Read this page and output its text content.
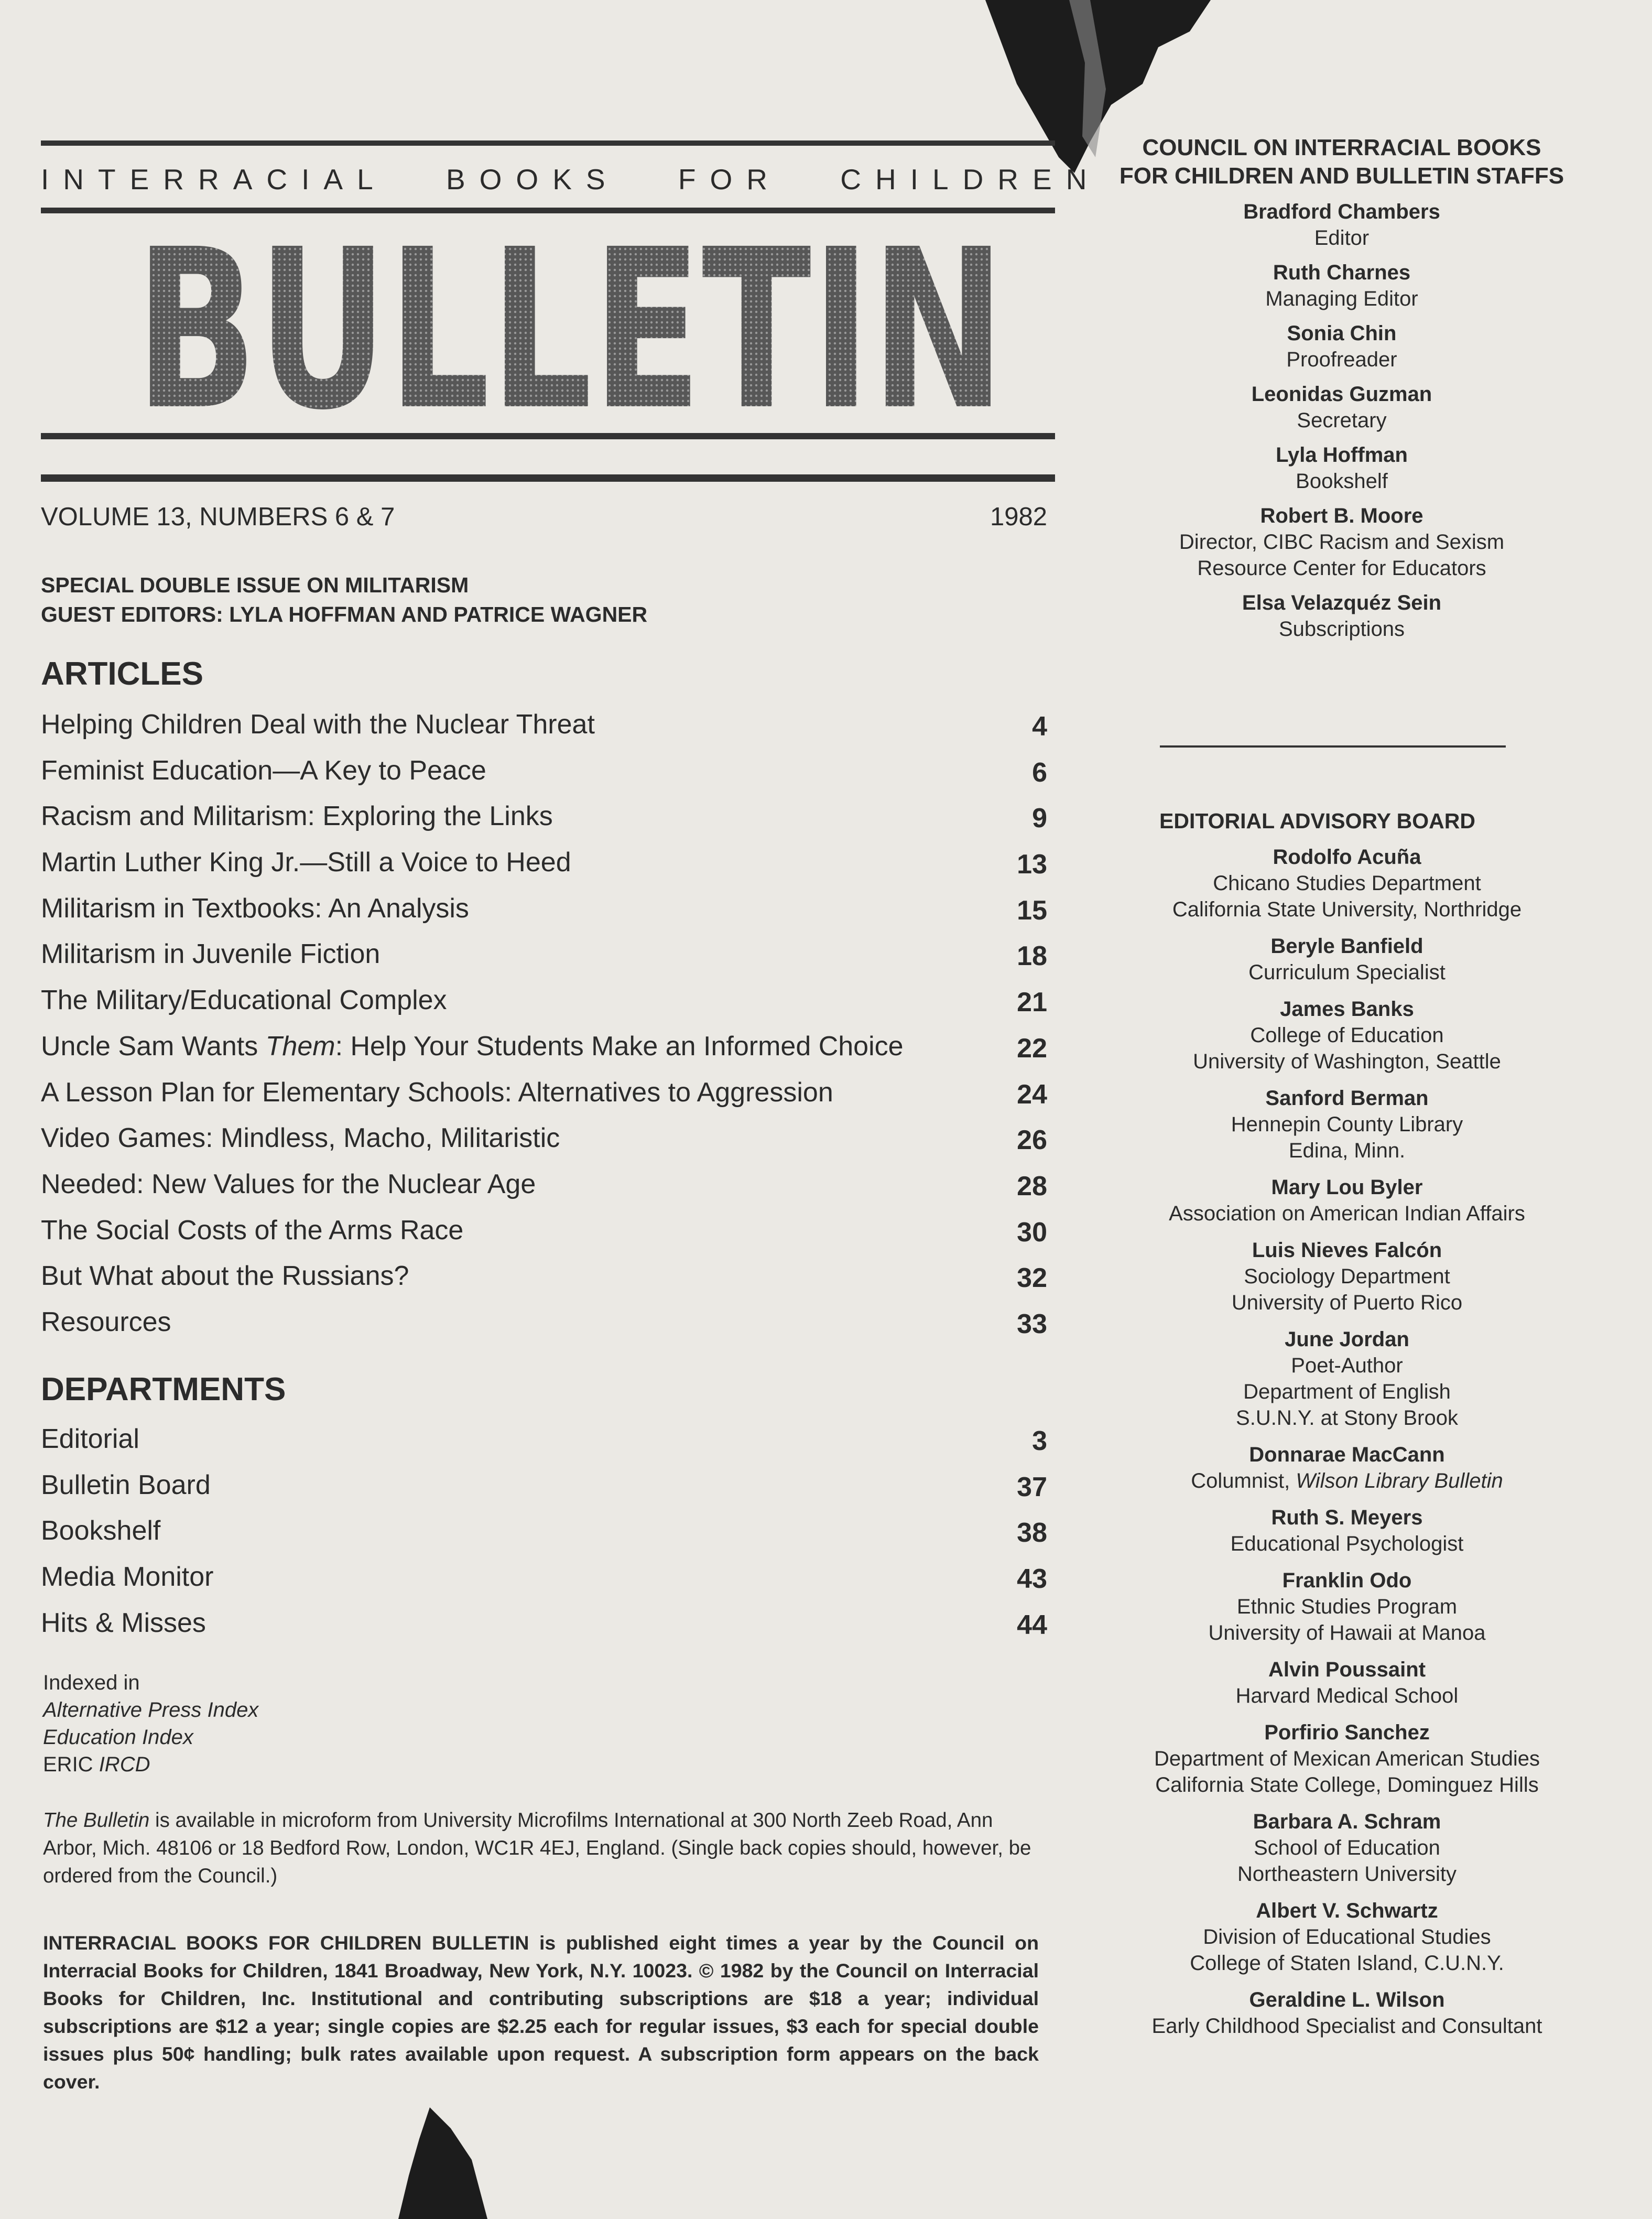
INTERRACIAL BOOKS FOR CHILDREN
BULLETIN
VOLUME 13, NUMBERS 6 & 7	1982
SPECIAL DOUBLE ISSUE ON MILITARISM
GUEST EDITORS: LYLA HOFFMAN AND PATRICE WAGNER
ARTICLES
Helping Children Deal with the Nuclear Threat	4
Feminist Education—A Key to Peace	6
Racism and Militarism: Exploring the Links	9
Martin Luther King Jr.—Still a Voice to Heed	13
Militarism in Textbooks: An Analysis	15
Militarism in Juvenile Fiction	18
The Military/Educational Complex	21
Uncle Sam Wants Them: Help Your Students Make an Informed Choice	22
A Lesson Plan for Elementary Schools: Alternatives to Aggression	24
Video Games: Mindless, Macho, Militaristic	26
Needed: New Values for the Nuclear Age	28
The Social Costs of the Arms Race	30
But What about the Russians?	32
Resources	33
DEPARTMENTS
Editorial	3
Bulletin Board	37
Bookshelf	38
Media Monitor	43
Hits & Misses	44
Indexed in
Alternative Press Index
Education Index
ERIC IRCD
The Bulletin is available in microform from University Microfilms International at 300 North Zeeb Road, Ann Arbor, Mich. 48106 or 18 Bedford Row, London, WC1R 4EJ, England. (Single back copies should, however, be ordered from the Council.)
INTERRACIAL BOOKS FOR CHILDREN BULLETIN is published eight times a year by the Council on Interracial Books for Children, 1841 Broadway, New York, N.Y. 10023. © 1982 by the Council on Interracial Books for Children, Inc. Institutional and contributing subscriptions are $18 a year; individual subscriptions are $12 a year; single copies are $2.25 each for regular issues, $3 each for special double issues plus 50¢ handling; bulk rates available upon request. A subscription form appears on the back cover.
COUNCIL ON INTERRACIAL BOOKS
FOR CHILDREN AND BULLETIN STAFFS
Bradford Chambers
Editor
Ruth Charnes
Managing Editor
Sonia Chin
Proofreader
Leonidas Guzman
Secretary
Lyla Hoffman
Bookshelf
Robert B. Moore
Director, CIBC Racism and Sexism
Resource Center for Educators
Elsa Velazquéz Sein
Subscriptions
EDITORIAL ADVISORY BOARD
Rodolfo Acuña
Chicano Studies Department
California State University, Northridge
Beryle Banfield
Curriculum Specialist
James Banks
College of Education
University of Washington, Seattle
Sanford Berman
Hennepin County Library
Edina, Minn.
Mary Lou Byler
Association on American Indian Affairs
Luis Nieves Falcón
Sociology Department
University of Puerto Rico
June Jordan
Poet-Author
Department of English
S.U.N.Y. at Stony Brook
Donnarae MacCann
Columnist, Wilson Library Bulletin
Ruth S. Meyers
Educational Psychologist
Franklin Odo
Ethnic Studies Program
University of Hawaii at Manoa
Alvin Poussaint
Harvard Medical School
Porfirio Sanchez
Department of Mexican American Studies
California State College, Dominguez Hills
Barbara A. Schram
School of Education
Northeastern University
Albert V. Schwartz
Division of Educational Studies
College of Staten Island, C.U.N.Y.
Geraldine L. Wilson
Early Childhood Specialist and Consultant
